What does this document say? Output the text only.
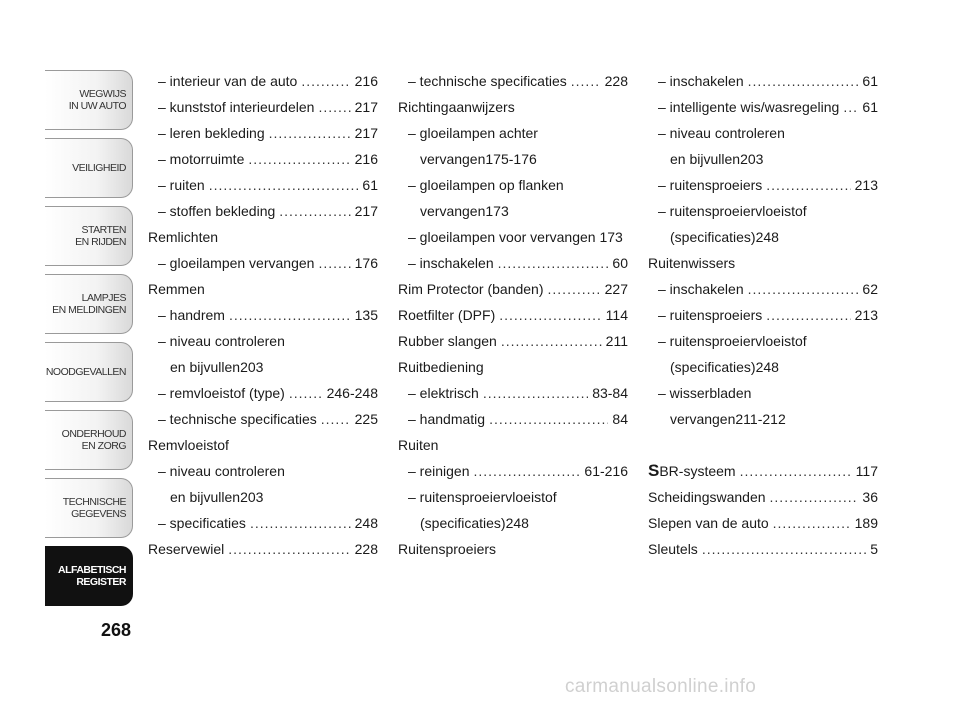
WEGWIJS
IN UW AUTO
VEILIGHEID
STARTEN
EN RIJDEN
LAMPJES
EN MELDINGEN
NOODGEVALLEN
ONDERHOUD
EN ZORG
TECHNISCHE
GEGEVENS
ALFABETISCH
REGISTER
268
– interieur van de auto .....	216
– kunststof interieurdelen .....	217
– leren bekleding .....	217
– motorruimte .....	216
– ruiten .....	61
– stoffen bekleding .....	217
Remlichten
– gloeilampen vervangen .....	176
Remmen
– handrem .....	135
– niveau controleren
en bijvullen 203
– remvloeistof (type) .....	246-248
– technische specificaties .....	225
Remvloeistof
– niveau controleren
en bijvullen 203
– specificaties .....	248
Reservewiel .....	228
– technische specificaties .....	228
Richtingaanwijzers
– gloeilampen achter
vervangen 175-176
– gloeilampen op flanken
vervangen 173
– gloeilampen voor vervangen 173
– inschakelen .....	60
Rim Protector (banden) .....	227
Roetfilter (DPF) .....	114
Rubber slangen .....	211
Ruitbediening
– elektrisch .....	83-84
– handmatig .....	84
Ruiten
– reinigen .....	61-216
– ruitensproeiervloeistof
(specificaties) 248
Ruitensproeiers
– inschakelen .....	61
– intelligente wis/wasregeling ..... 61
– niveau controleren
en bijvullen 203
– ruitensproeiers .....	213
– ruitensproeiervloeistof
(specificaties) 248
Ruitenwissers
– inschakelen .....	62
– ruitensproeiers .....	213
– ruitensproeiervloeistof
(specificaties) 248
– wisserbladen
vervangen 211-212
SBR-systeem .....	117
Scheidingswanden .....	36
Slepen van de auto .....	189
Sleutels .....	5
carmanualsonline.info
